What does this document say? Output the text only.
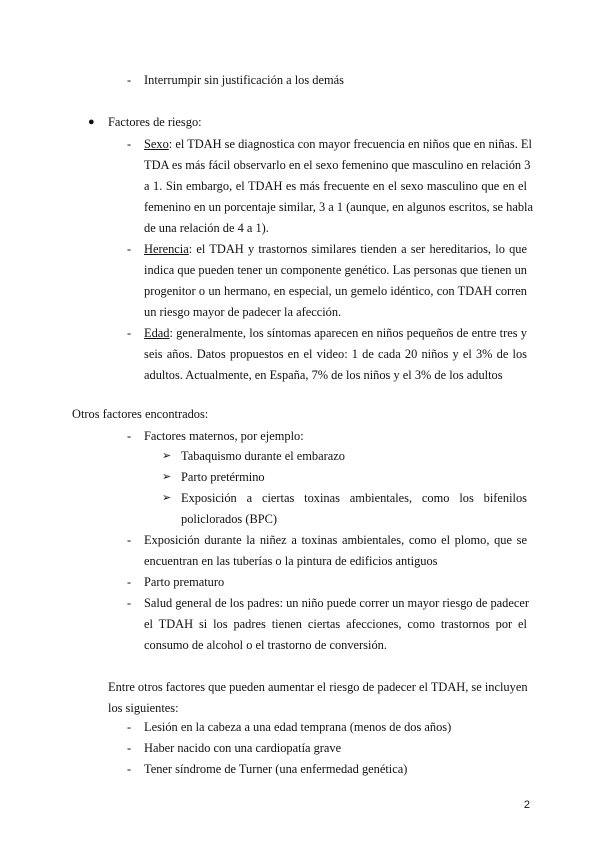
- Interrumpir sin justificación a los demás
● Factores de riesgo:
- Sexo: el TDAH se diagnostica con mayor frecuencia en niños que en niñas. El
TDA es más fácil observarlo en el sexo femenino que masculino en relación 3
a 1. Sin embargo, el TDAH es más frecuente en el sexo masculino que en el
femenino en un porcentaje similar, 3 a 1 (aunque, en algunos escritos, se habla
de una relación de 4 a 1).
- Herencia: el TDAH y trastornos similares tienden a ser hereditarios, lo que
indica que pueden tener un componente genético. Las personas que tienen un
progenitor o un hermano, en especial, un gemelo idéntico, con TDAH corren
un riesgo mayor de padecer la afección.
- Edad: generalmente, los síntomas aparecen en niños pequeños de entre tres y
seis años. Datos propuestos en el video: 1 de cada 20 niños y el 3% de los
adultos. Actualmente, en España, 7% de los niños y el 3% de los adultos
Otros factores encontrados:
- Factores maternos, por ejemplo:
➢ Tabaquismo durante el embarazo
➢ Parto pretérmino
➢ Exposición a ciertas toxinas ambientales, como los bifenilos
policlorados (BPC)
- Exposición durante la niñez a toxinas ambientales, como el plomo, que se
encuentran en las tuberías o la pintura de edificios antiguos
- Parto prematuro
- Salud general de los padres: un niño puede correr un mayor riesgo de padecer
el TDAH si los padres tienen ciertas afecciones, como trastornos por el
consumo de alcohol o el trastorno de conversión.
Entre otros factores que pueden aumentar el riesgo de padecer el TDAH, se incluyen
los siguientes:
- Lesión en la cabeza a una edad temprana (menos de dos años)
- Haber nacido con una cardiopatía grave
- Tener síndrome de Turner (una enfermedad genética)
2
